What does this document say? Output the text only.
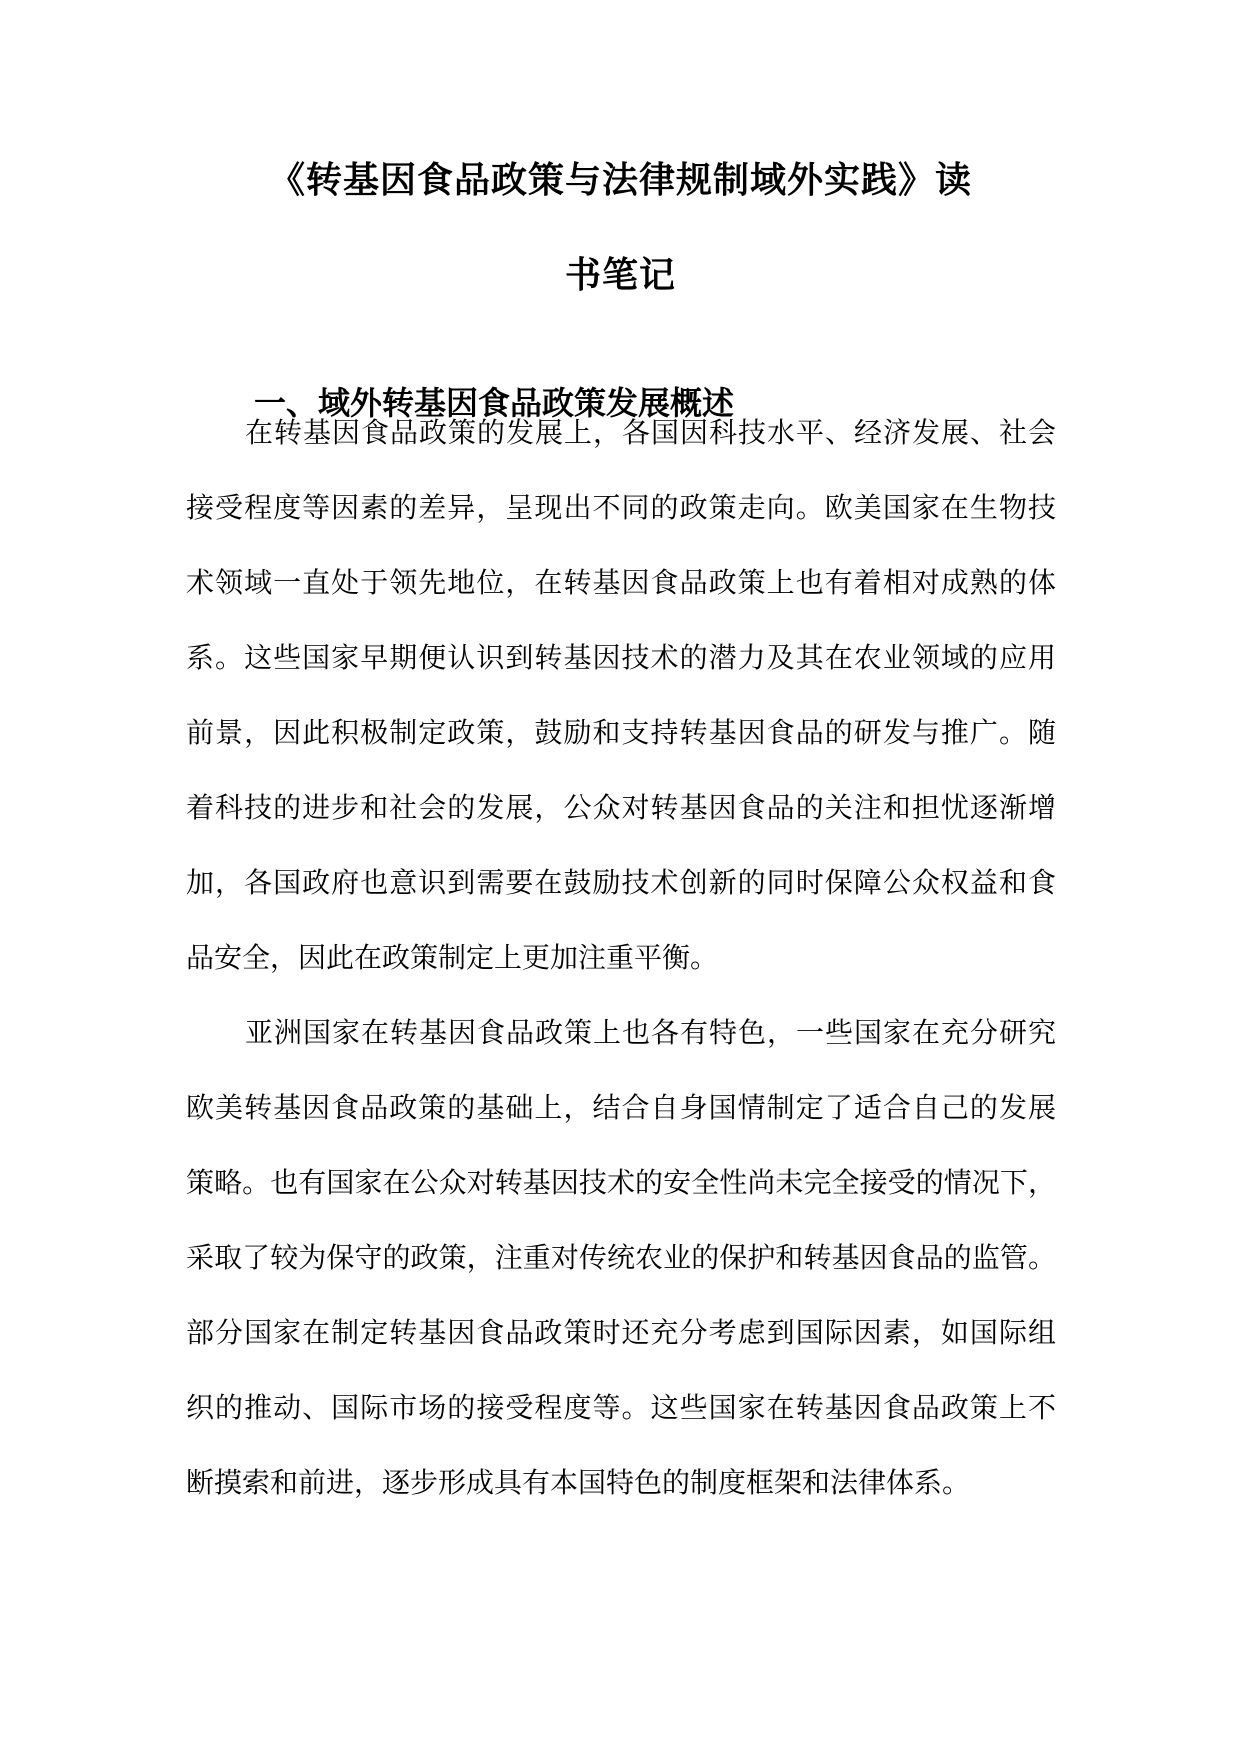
《转基因食品政策与法律规制域外实践》读
书笔记
一、域外转基因食品政策发展概述
在转基因食品政策的发展上，各国因科技水平、经济发展、社会
接受程度等因素的差异，呈现出不同的政策走向。欧美国家在生物技
术领域一直处于领先地位，在转基因食品政策上也有着相对成熟的体
系。这些国家早期便认识到转基因技术的潜力及其在农业领域的应用
前景，因此积极制定政策，鼓励和支持转基因食品的研发与推广。随
着科技的进步和社会的发展，公众对转基因食品的关注和担忧逐渐增
加，各国政府也意识到需要在鼓励技术创新的同时保障公众权益和食
品安全，因此在政策制定上更加注重平衡。
亚洲国家在转基因食品政策上也各有特色，一些国家在充分研究
欧美转基因食品政策的基础上，结合自身国情制定了适合自己的发展
策略。也有国家在公众对转基因技术的安全性尚未完全接受的情况下，
采取了较为保守的政策，注重对传统农业的保护和转基因食品的监管。
部分国家在制定转基因食品政策时还充分考虑到国际因素，如国际组
织的推动、国际市场的接受程度等。这些国家在转基因食品政策上不
断摸索和前进，逐步形成具有本国特色的制度框架和法律体系。
